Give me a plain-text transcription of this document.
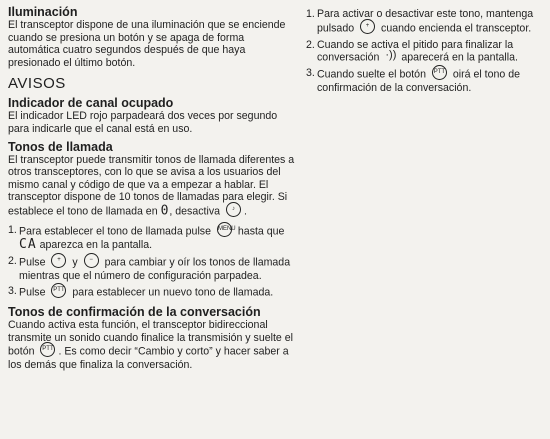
Iluminación

El transceptor dispone de una iluminación que se enciende cuando se presiona un botón y se apaga de forma automática cuatro segundos después de que haya presionado el último botón.

AVISOS
Indicador de canal ocupado

El indicador LED rojo parpadeará dos veces por segundo para indicarle que el canal está en uso.

Tonos de llamada

El transceptor puede transmitir tonos de llamada diferentes a otros transceptores, con lo que se avisa a los usuarios del mismo canal y código de que va a empezar a hablar. El transceptor dispone de 10 tonos de llamadas para elegir. Si establece el tono de llamada en 0, desactiva ♪ .

1. Para establecer el tono de llamada pulse MENU hasta que CA aparezca en la pantalla.
2. Pulse + y − para cambiar y oír los tonos de llamada mientras que el número de configuración parpadea.
3. Pulse PTT para establecer un nuevo tono de llamada.
Tonos de confirmación de la conversación

Cuando activa esta función, el transceptor bidireccional transmite un sonido cuando finalice la transmisión y suelte el botón PTT . Es como decir “Cambio y corto” y hacer saber a los demás que finaliza la conversación.

1. Para activar o desactivar este tono, mantenga pulsado + cuando encienda el transceptor.
2. Cuando se activa el pitido para finalizar la conversación ·)) aparecerá en la pantalla.
3. Cuando suelte el botón PTT oirá el tono de confirmación de la conversación.
